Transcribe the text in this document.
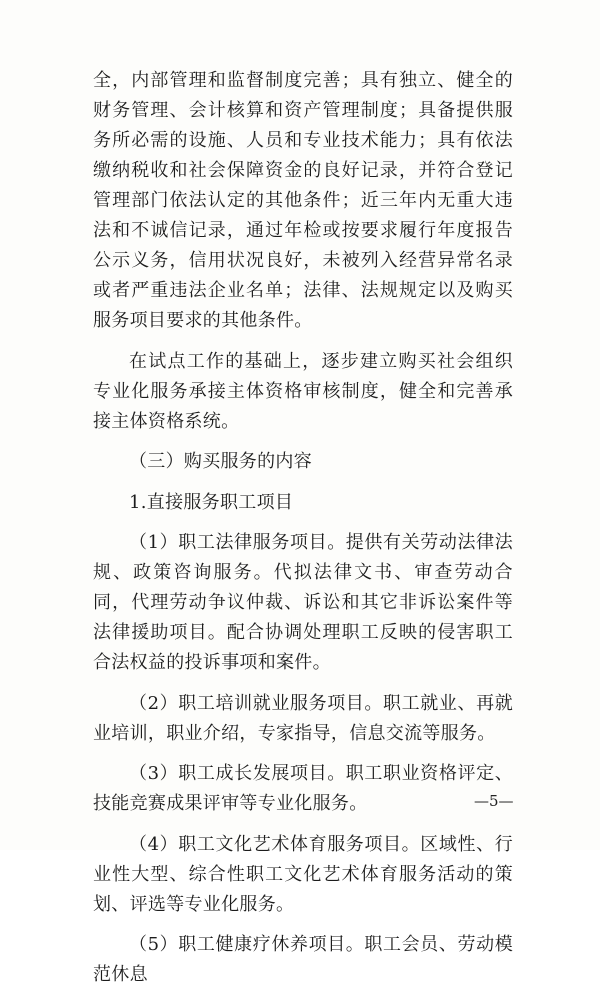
全，内部管理和监督制度完善；具有独立、健全的财务管理、会计核算和资产管理制度；具备提供服务所必需的设施、人员和专业技术能力；具有依法缴纳税收和社会保障资金的良好记录，并符合登记管理部门依法认定的其他条件；近三年内无重大违法和不诚信记录，通过年检或按要求履行年度报告公示义务，信用状况良好，未被列入经营异常名录或者严重违法企业名单；法律、法规规定以及购买服务项目要求的其他条件。

在试点工作的基础上，逐步建立购买社会组织专业化服务承接主体资格审核制度，健全和完善承接主体资格系统。

（三）购买服务的内容

1.直接服务职工项目

（1）职工法律服务项目。提供有关劳动法律法规、政策咨询服务。代拟法律文书、审查劳动合同，代理劳动争议仲裁、诉讼和其它非诉讼案件等法律援助项目。配合协调处理职工反映的侵害职工合法权益的投诉事项和案件。

（2）职工培训就业服务项目。职工就业、再就业培训，职业介绍，专家指导，信息交流等服务。

（3）职工成长发展项目。职工职业资格评定、技能竞赛成果评审等专业化服务。

（4）职工文化艺术体育服务项目。区域性、行业性大型、综合性职工文化艺术体育服务活动的策划、评选等专业化服务。

（5）职工健康疗休养项目。职工会员、劳动模范休息

—5—
